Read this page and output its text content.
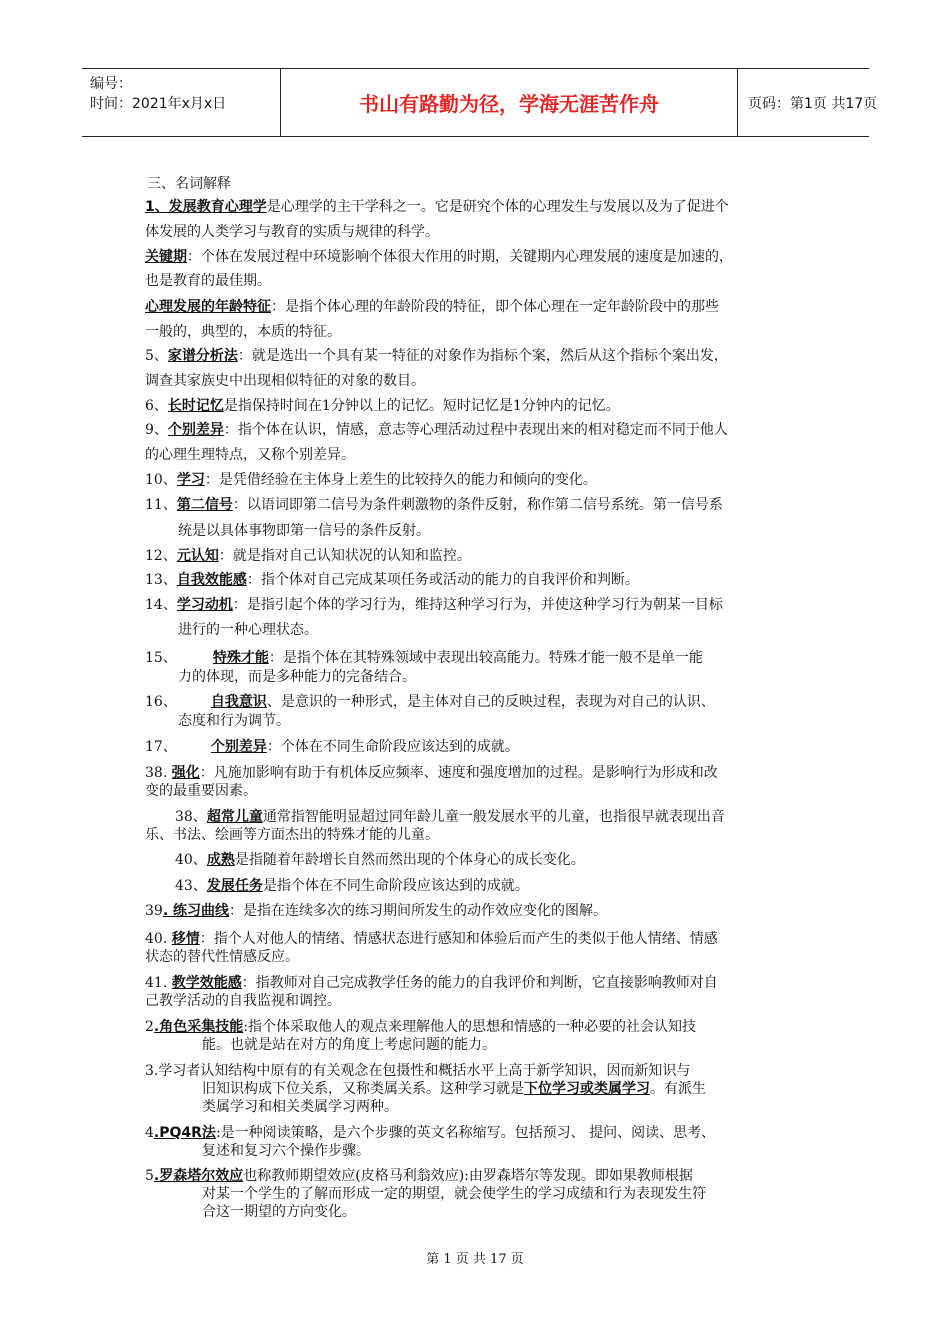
编号：
时间：2021年x月x日	书山有路勤为径，学海无涯苦作舟	页码：第1页 共17页
三、名词解释
1、发展教育心理学是心理学的主干学科之一。它是研究个体的心理发生与发展以及为了促进个
体发展的人类学习与教育的实质与规律的科学。
关键期：个体在发展过程中环境影响个体很大作用的时期，关键期内心理发展的速度是加速的，
也是教育的最佳期。
心理发展的年龄特征：是指个体心理的年龄阶段的特征，即个体心理在一定年龄阶段中的那些
一般的，典型的，本质的特征。
5、家谱分析法：就是选出一个具有某一特征的对象作为指标个案，然后从这个指标个案出发，
调查其家族史中出现相似特征的对象的数目。
6、长时记忆是指保持时间在1分钟以上的记忆。短时记忆是1分钟内的记忆。
9、个别差异：指个体在认识，情感，意志等心理活动过程中表现出来的相对稳定而不同于他人
的心理生理特点，又称个别差异。
10、学习：是凭借经验在主体身上差生的比较持久的能力和倾向的变化。
11、第二信号：以语词即第二信号为条件刺激物的条件反射，称作第二信号系统。第一信号系
统是以具体事物即第一信号的条件反射。
12、元认知：就是指对自己认知状况的认知和监控。
13、自我效能感：指个体对自己完成某项任务或活动的能力的自我评价和判断。
14、学习动机：是指引起个体的学习行为，维持这种学习行为，并使这种学习行为朝某一目标
进行的一种心理状态。
15、	特殊才能：是指个体在其特殊领域中表现出较高能力。特殊才能一般不是单一能
力的体现，而是多种能力的完备结合。
16、 自我意识、是意识的一种形式，是主体对自己的反映过程，表现为对自己的认识、
态度和行为调节。
17、 个别差异：个体在不同生命阶段应该达到的成就。
38. 强化：凡施加影响有助于有机体反应频率、速度和强度增加的过程。是影响行为形成和改
变的最重要因素。
38、超常儿童通常指智能明显超过同年龄儿童一般发展水平的儿童，也指很早就表现出音
乐、书法、绘画等方面杰出的特殊才能的儿童。
40、成熟是指随着年龄增长自然而然出现的个体身心的成长变化。
43、发展任务是指个体在不同生命阶段应该达到的成就。
39. 练习曲线：是指在连续多次的练习期间所发生的动作效应变化的图解。
40. 移情：指个人对他人的情绪、情感状态进行感知和体验后而产生的类似于他人情绪、情感
状态的替代性情感反应。
41. 教学效能感：指教师对自己完成教学任务的能力的自我评价和判断，它直接影响教师对自
己教学活动的自我监视和调控。
2.角色采集技能:指个体采取他人的观点来理解他人的思想和情感的一种必要的社会认知技
能。也就是站在对方的角度上考虑问题的能力。
3.学习者认知结构中原有的有关观念在包摄性和概括水平上高于新学知识，因而新知识与
旧知识构成下位关系，又称类属关系。这种学习就是下位学习或类属学习。有派生
类属学习和相关类属学习两种。
4.PQ4R法:是一种阅读策略，是六个步骤的英文名称缩写。包括预习、 提问、阅读、思考、
复述和复习六个操作步骤。
5.罗森塔尔效应也称教师期望效应(皮格马利翁效应):由罗森塔尔等发现。即如果教师根据
对某一个学生的了解而形成一定的期望，就会使学生的学习成绩和行为表现发生符
合这一期望的方向变化。
第 1 页 共 17 页
